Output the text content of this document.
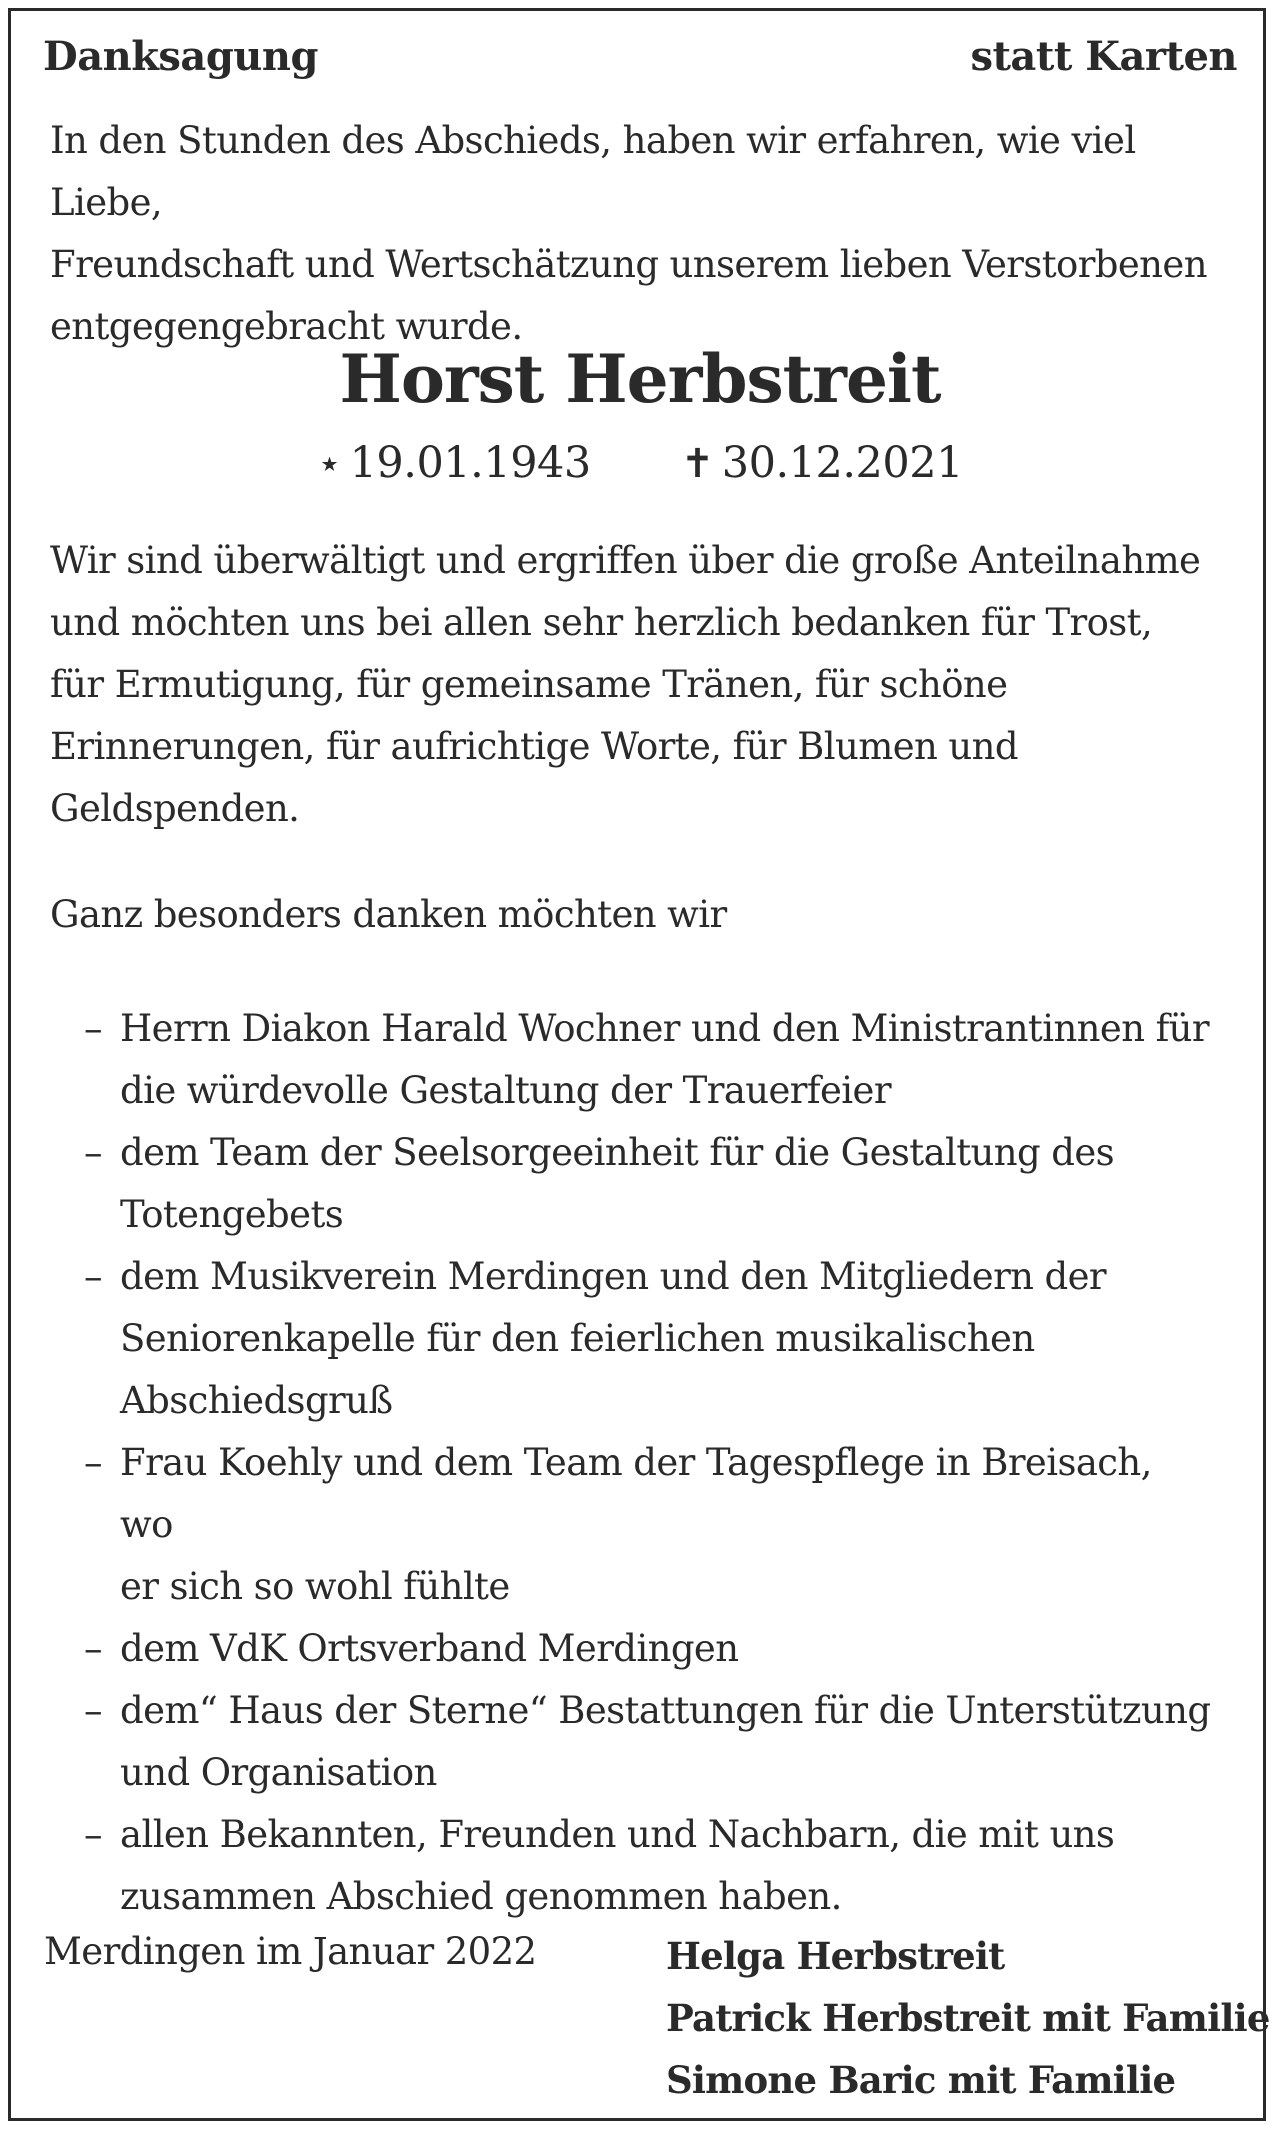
Danksagung	statt Karten

In den Stunden des Abschieds, haben wir erfahren, wie viel Liebe,
Freundschaft und Wertschätzung unserem lieben Verstorbenen
entgegengebracht wurde.

Horst Herbstreit
⋆ 19.01.1943 ✝ 30.12.2021

Wir sind überwältigt und ergriffen über die große Anteilnahme
und möchten uns bei allen sehr herzlich bedanken für Trost,
für Ermutigung, für gemeinsame Tränen, für schöne
Erinnerungen, für aufrichtige Worte, für Blumen und
Geldspenden.

Ganz besonders danken möchten wir

– Herrn Diakon Harald Wochner und den Ministrantinnen für
die würdevolle Gestaltung der Trauerfeier
– dem Team der Seelsorgeeinheit für die Gestaltung des
Totengebets
– dem Musikverein Merdingen und den Mitgliedern der
Seniorenkapelle für den feierlichen musikalischen
Abschiedsgruß
– Frau Koehly und dem Team der Tagespflege in Breisach, wo
er sich so wohl fühlte
– dem VdK Ortsverband Merdingen
– dem“ Haus der Sterne“ Bestattungen für die Unterstützung
und Organisation
– allen Bekannten, Freunden und Nachbarn, die mit uns
zusammen Abschied genommen haben.
Merdingen im Januar 2022	Helga Herbstreit
Patrick Herbstreit mit Familie
Simone Baric mit Familie
